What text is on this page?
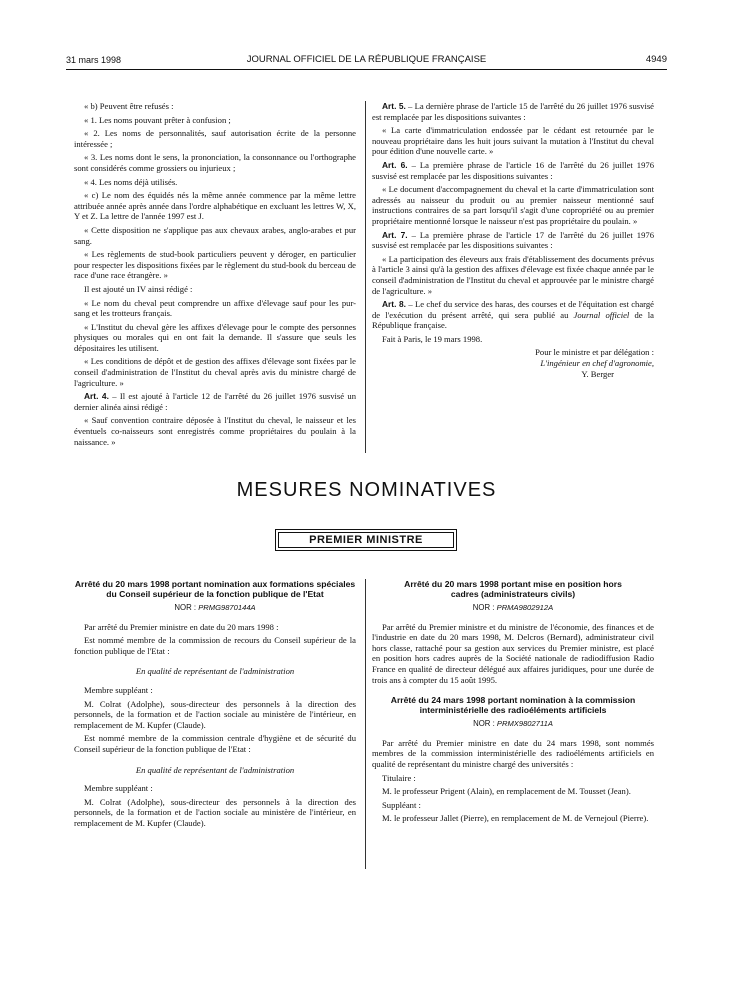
31 mars 1998	JOURNAL OFFICIEL DE LA RÉPUBLIQUE FRANÇAISE	4949

« b) Peuvent être refusés :

« 1. Les noms pouvant prêter à confusion ;

« 2. Les noms de personnalités, sauf autorisation écrite de la personne intéressée ;

« 3. Les noms dont le sens, la prononciation, la consonnance ou l'orthographe sont considérés comme grossiers ou injurieux ;

« 4. Les noms déjà utilisés.

« c) Le nom des équidés nés la même année commence par la même lettre attribuée année après année dans l'ordre alphabétique en excluant les lettres W, X, Y et Z. La lettre de l'année 1997 est J.

« Cette disposition ne s'applique pas aux chevaux arabes, anglo-arabes et pur sang.

« Les règlements de stud-book particuliers peuvent y déroger, en particulier pour respecter les dispositions fixées par le règlement du stud-book du berceau de race d'une race étrangère. »

Il est ajouté un IV ainsi rédigé :

« Le nom du cheval peut comprendre un affixe d'élevage sauf pour les pur-sang et les trotteurs français.

« L'Institut du cheval gère les affixes d'élevage pour le compte des personnes physiques ou morales qui en ont fait la demande. Il s'assure que seuls les dépositaires les utilisent.

« Les conditions de dépôt et de gestion des affixes d'élevage sont fixées par le conseil d'administration de l'Institut du cheval après avis du ministre chargé de l'agriculture. »

Art. 4. – Il est ajouté à l'article 12 de l'arrêté du 26 juillet 1976 susvisé un dernier alinéa ainsi rédigé :

« Sauf convention contraire déposée à l'Institut du cheval, le naisseur et les éventuels co-naisseurs sont enregistrés comme propriétaires du poulain à la naissance. »

Art. 5. – La dernière phrase de l'article 15 de l'arrêté du 26 juillet 1976 susvisé est remplacée par les dispositions suivantes :

« La carte d'immatriculation endossée par le cédant est retournée par le nouveau propriétaire dans les huit jours suivant la mutation à l'Institut du cheval pour édition d'une nouvelle carte. »

Art. 6. – La première phrase de l'article 16 de l'arrêté du 26 juillet 1976 susvisé est remplacée par les dispositions suivantes :

« Le document d'accompagnement du cheval et la carte d'immatriculation sont adressés au naisseur du produit ou au premier naisseur mentionné sauf instructions contraires de sa part lorsqu'il s'agit d'une copropriété ou au premier propriétaire mentionné lorsque le naisseur n'est pas propriétaire du poulain. »

Art. 7. – La première phrase de l'article 17 de l'arrêté du 26 juillet 1976 susvisé est remplacée par les dispositions suivantes :

« La participation des éleveurs aux frais d'établissement des documents prévus à l'article 3 ainsi qu'à la gestion des affixes d'élevage est fixée chaque année par le conseil d'administration de l'Institut du cheval et approuvée par le ministre chargé de l'agriculture. »

Art. 8. – Le chef du service des haras, des courses et de l'équitation est chargé de l'exécution du présent arrêté, qui sera publié au Journal officiel de la République française.

Fait à Paris, le 19 mars 1998.

Pour le ministre et par délégation :

L'ingénieur en chef d'agronomie,

Y. Berger

MESURES NOMINATIVES
PREMIER MINISTRE
Arrêté du 20 mars 1998 portant nomination aux formations spéciales du Conseil supérieur de la fonction publique de l'Etat
NOR : PRMG9870144A

Par arrêté du Premier ministre en date du 20 mars 1998 :

Est nommé membre de la commission de recours du Conseil supérieur de la fonction publique de l'Etat :

En qualité de représentant de l'administration

Membre suppléant :

M. Colrat (Adolphe), sous-directeur des personnels à la direction des personnels, de la formation et de l'action sociale au ministère de l'intérieur, en remplacement de M. Kupfer (Claude).

Est nommé membre de la commission centrale d'hygiène et de sécurité du Conseil supérieur de la fonction publique de l'Etat :

En qualité de représentant de l'administration

Membre suppléant :

M. Colrat (Adolphe), sous-directeur des personnels à la direction des personnels, de la formation et de l'action sociale au ministère de l'intérieur, en remplacement de M. Kupfer (Claude).

Arrêté du 20 mars 1998 portant mise en position hors cadres (administrateurs civils)
NOR : PRMA9802912A

Par arrêté du Premier ministre et du ministre de l'économie, des finances et de l'industrie en date du 20 mars 1998, M. Delcros (Bernard), administrateur civil hors classe, rattaché pour sa gestion aux services du Premier ministre, est placé en position hors cadres auprès de la Société nationale de radiodiffusion Radio France en qualité de directeur délégué aux affaires juridiques, pour une durée de trois ans à compter du 15 août 1995.

Arrêté du 24 mars 1998 portant nomination à la commission interministérielle des radioéléments artificiels
NOR : PRMX9802711A

Par arrêté du Premier ministre en date du 24 mars 1998, sont nommés membres de la commission interministérielle des radioéléments artificiels en qualité de représentant du ministre chargé des universités :

Titulaire :

M. le professeur Prigent (Alain), en remplacement de M. Tousset (Jean).

Suppléant :

M. le professeur Jallet (Pierre), en remplacement de M. de Vernejoul (Pierre).
